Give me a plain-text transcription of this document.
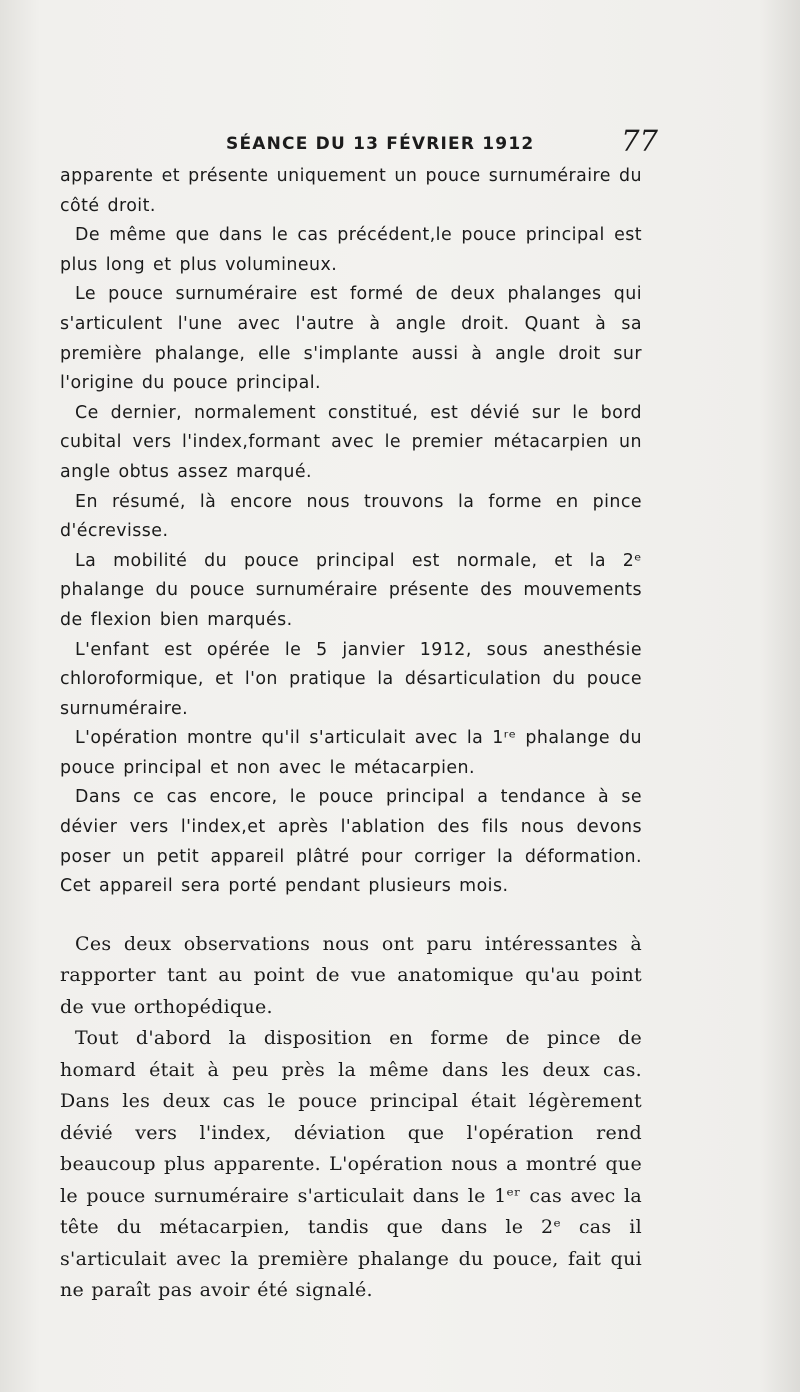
SÉANCE DU 13 FÉVRIER 1912	77

apparente et présente uniquement un pouce surnuméraire du côté droit.

De même que dans le cas précédent,le pouce principal est plus long et plus volumineux.

Le pouce surnuméraire est formé de deux phalanges qui s'articulent l'une avec l'autre à angle droit. Quant à sa première phalange, elle s'implante aussi à angle droit sur l'origine du pouce principal.

Ce dernier, normalement constitué, est dévié sur le bord cubital vers l'index,formant avec le premier métacarpien un angle obtus assez marqué.

En résumé, là encore nous trouvons la forme en pince d'écrevisse.

La mobilité du pouce principal est normale, et la 2ᵉ phalange du pouce surnuméraire présente des mouvements de flexion bien marqués.

L'enfant est opérée le 5 janvier 1912, sous anesthésie chloroformique, et l'on pratique la désarticulation du pouce surnuméraire.

L'opération montre qu'il s'articulait avec la 1ʳᵉ phalange du pouce principal et non avec le métacarpien.

Dans ce cas encore, le pouce principal a tendance à se dévier vers l'index,et après l'ablation des fils nous devons poser un petit appareil plâtré pour corriger la déformation. Cet appareil sera porté pendant plusieurs mois.

Ces deux observations nous ont paru intéressantes à rapporter tant au point de vue anatomique qu'au point de vue orthopédique.

Tout d'abord la disposition en forme de pince de homard était à peu près la même dans les deux cas. Dans les deux cas le pouce principal était légèrement dévié vers l'index, déviation que l'opération rend beaucoup plus apparente. L'opération nous a montré que le pouce surnuméraire s'articulait dans le 1ᵉʳ cas avec la tête du métacarpien, tandis que dans le 2ᵉ cas il s'articulait avec la première phalange du pouce, fait qui ne paraît pas avoir été signalé.
